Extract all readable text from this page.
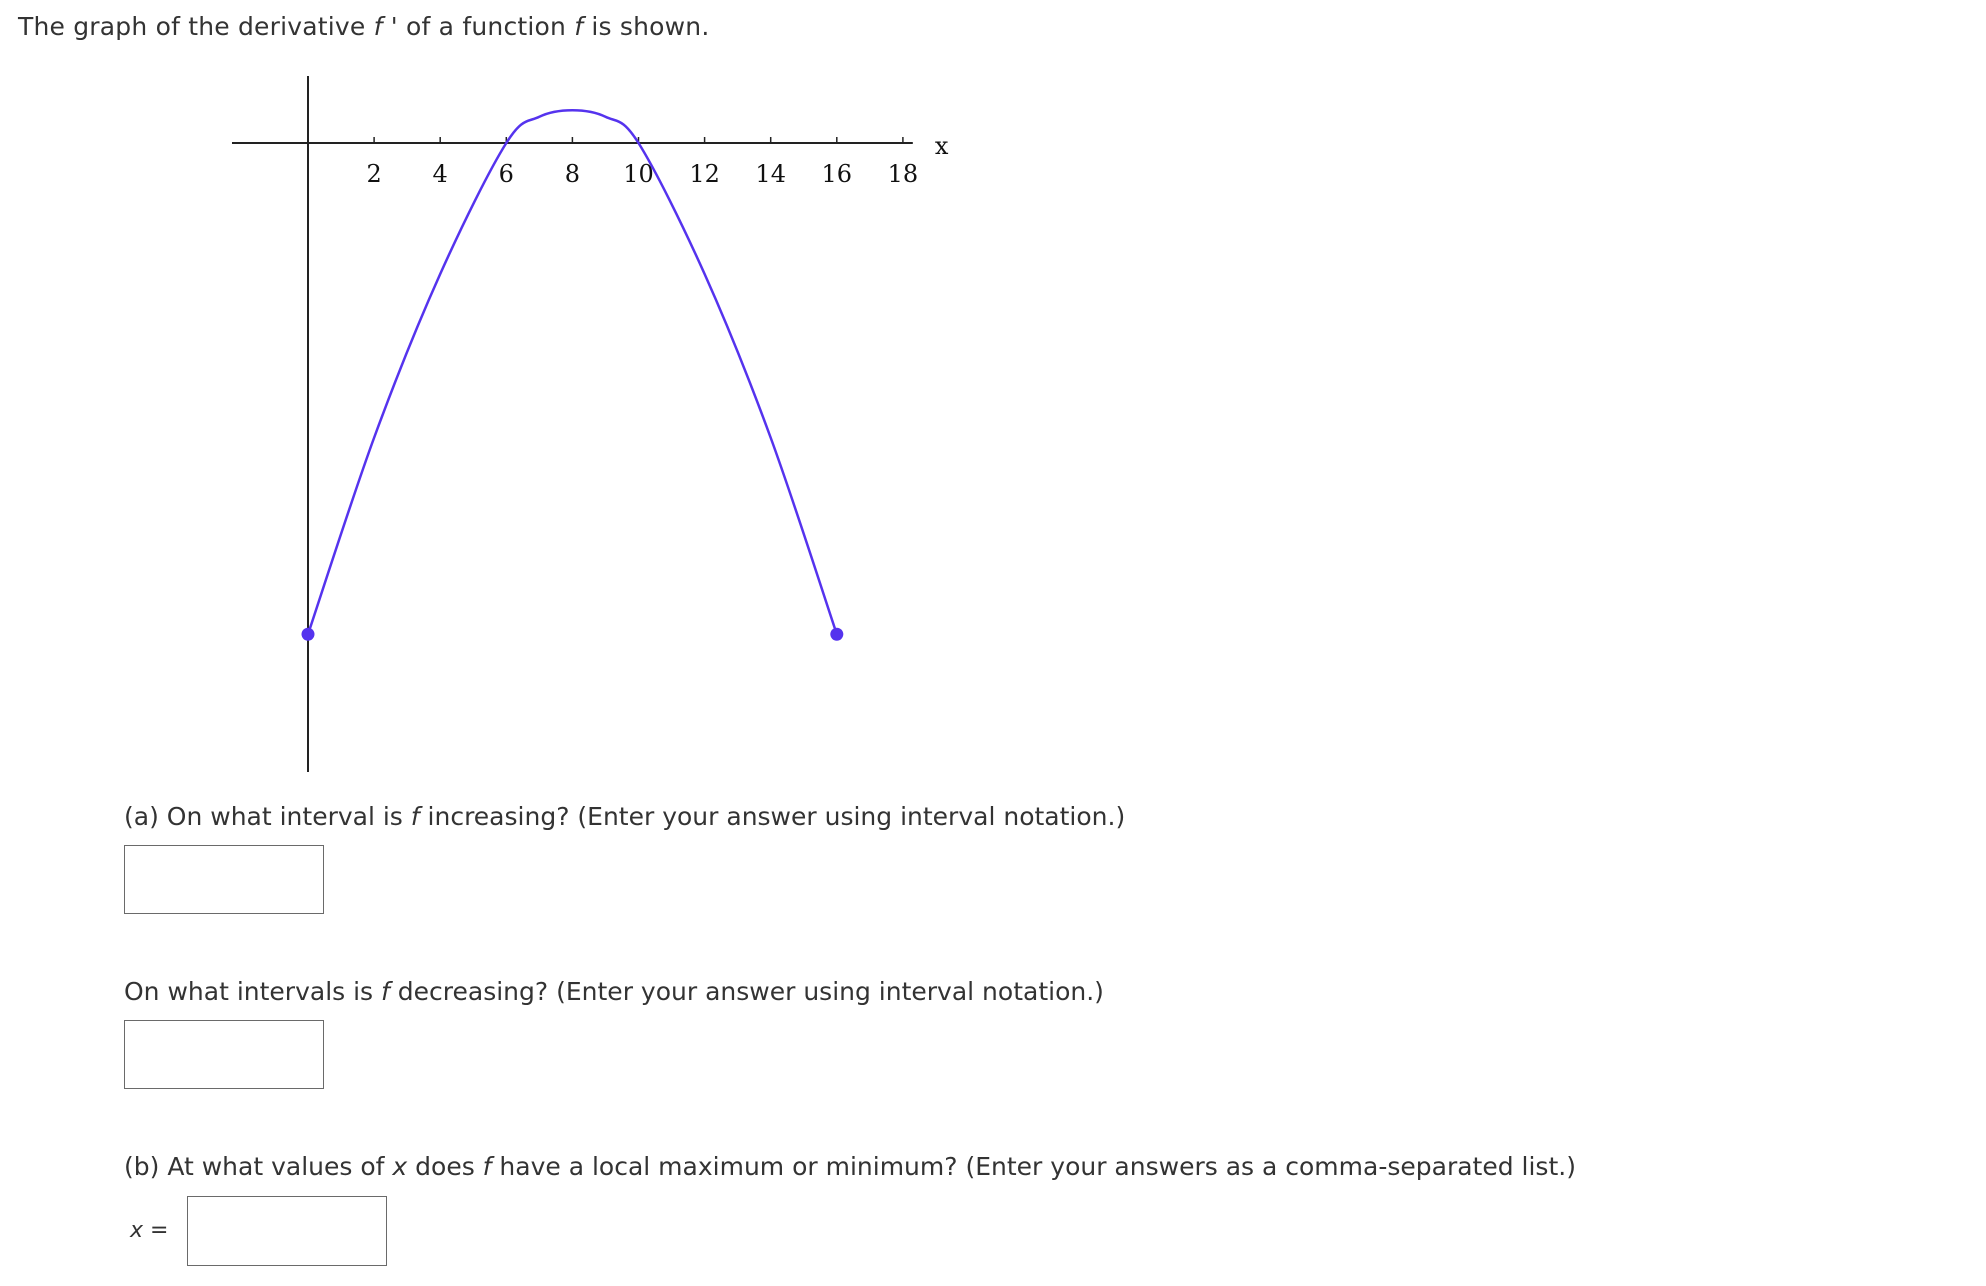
The graph of the derivative f ' of a function f is shown.
2 4 6 8 10 12 14 16 18
x
(a) On what interval is f increasing? (Enter your answer using interval notation.)
On what intervals is f decreasing? (Enter your answer using interval notation.)
(b) At what values of x does f have a local maximum or minimum? (Enter your answers as a comma-separated list.)
x =
